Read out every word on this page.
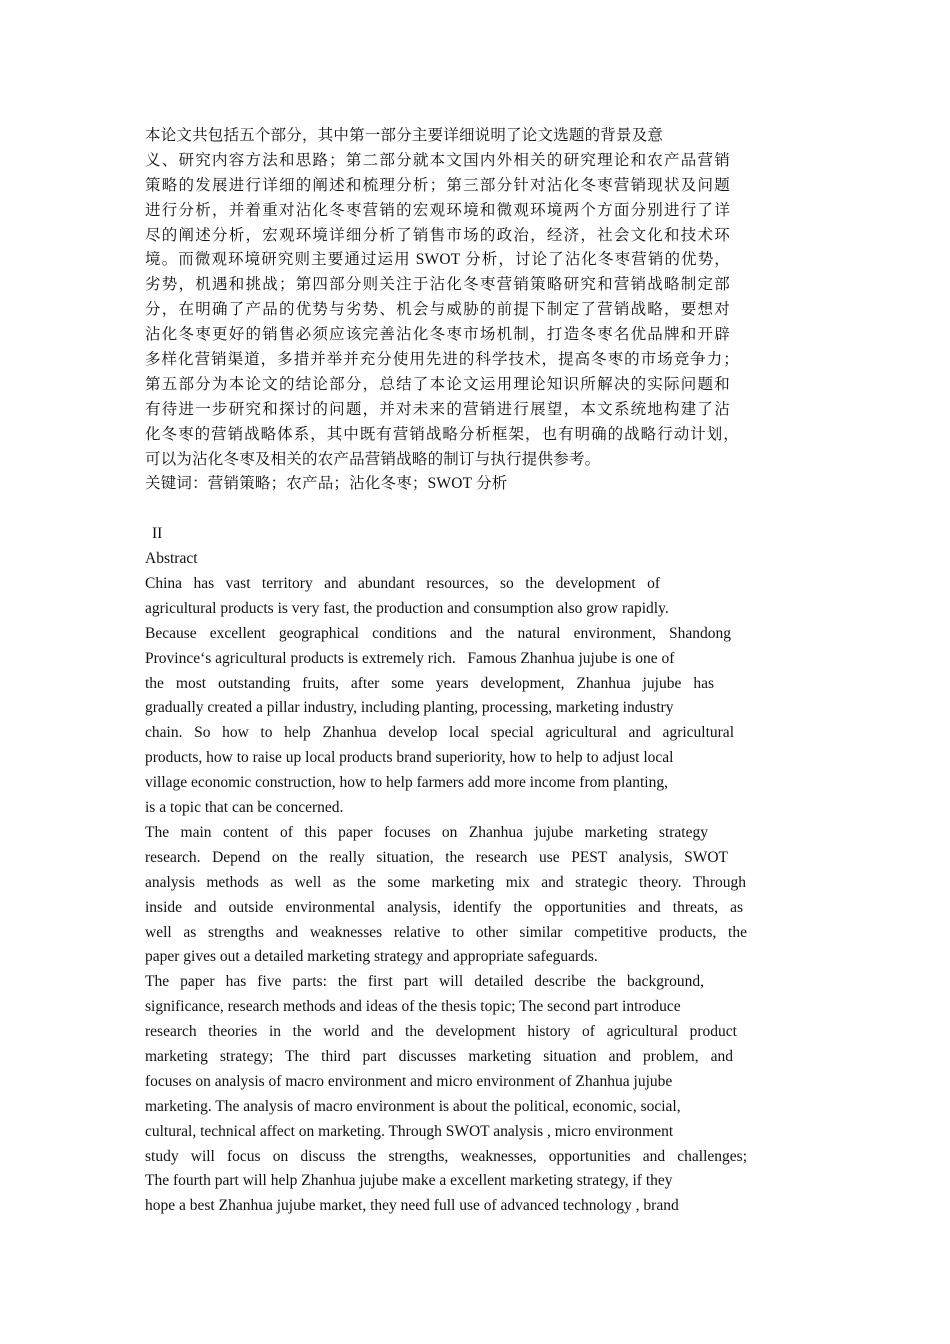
本论文共包括五个部分，其中第一部分主要详细说明了论文选题的背景及意
义、研究内容方法和思路；第二部分就本文国内外相关的研究理论和农产品营销
策略的发展进行详细的阐述和梳理分析；第三部分针对沾化冬枣营销现状及问题
进行分析，并着重对沾化冬枣营销的宏观环境和微观环境两个方面分别进行了详
尽的阐述分析，宏观环境详细分析了销售市场的政治，经济，社会文化和技术环
境。而微观环境研究则主要通过运用 SWOT 分析，讨论了沾化冬枣营销的优势，
劣势，机遇和挑战；第四部分则关注于沾化冬枣营销策略研究和营销战略制定部
分，在明确了产品的优势与劣势、机会与威胁的前提下制定了营销战略，要想对
沾化冬枣更好的销售必须应该完善沾化冬枣市场机制，打造冬枣名优品牌和开辟
多样化营销渠道，多措并举并充分使用先进的科学技术，提高冬枣的市场竞争力；
第五部分为本论文的结论部分，总结了本论文运用理论知识所解决的实际问题和
有待进一步研究和探讨的问题，并对未来的营销进行展望，本文系统地构建了沾
化冬枣的营销战略体系，其中既有营销战略分析框架，也有明确的战略行动计划，
可以为沾化冬枣及相关的农产品营销战略的制订与执行提供参考。
关键词：营销策略；农产品；沾化冬枣；SWOT 分析
II
Abstract
China has vast territory and abundant resources, so the development of
agricultural products is very fast, the production and consumption also grow rapidly.
Because excellent geographical conditions and the natural environment, Shandong
Province‘s agricultural products is extremely rich.   Famous Zhanhua jujube is one of
the most outstanding fruits, after some years development, Zhanhua jujube has
gradually created a pillar industry, including planting, processing, marketing industry
chain. So how to help Zhanhua develop local special agricultural and agricultural
products, how to raise up local products brand superiority, how to help to adjust local
village economic construction, how to help farmers add more income from planting,
is a topic that can be concerned.
The main content of this paper focuses on Zhanhua jujube marketing strategy
research. Depend on the really situation, the research use PEST analysis, SWOT
analysis methods as well as the some marketing mix and strategic theory. Through
inside and outside environmental analysis, identify the opportunities and threats, as
well as strengths and weaknesses relative to other similar competitive products, the
paper gives out a detailed marketing strategy and appropriate safeguards.
The paper has five parts: the first part will detailed describe the background,
significance, research methods and ideas of the thesis topic; The second part introduce
research theories in the world and the development history of agricultural product
marketing strategy; The third part discusses marketing situation and problem, and
focuses on analysis of macro environment and micro environment of Zhanhua jujube
marketing. The analysis of macro environment is about the political, economic, social,
cultural, technical affect on marketing. Through SWOT analysis , micro environment
study will focus on discuss the strengths, weaknesses, opportunities and challenges;
The fourth part will help Zhanhua jujube make a excellent marketing strategy, if they
hope a best Zhanhua jujube market, they need full use of advanced technology , brand
